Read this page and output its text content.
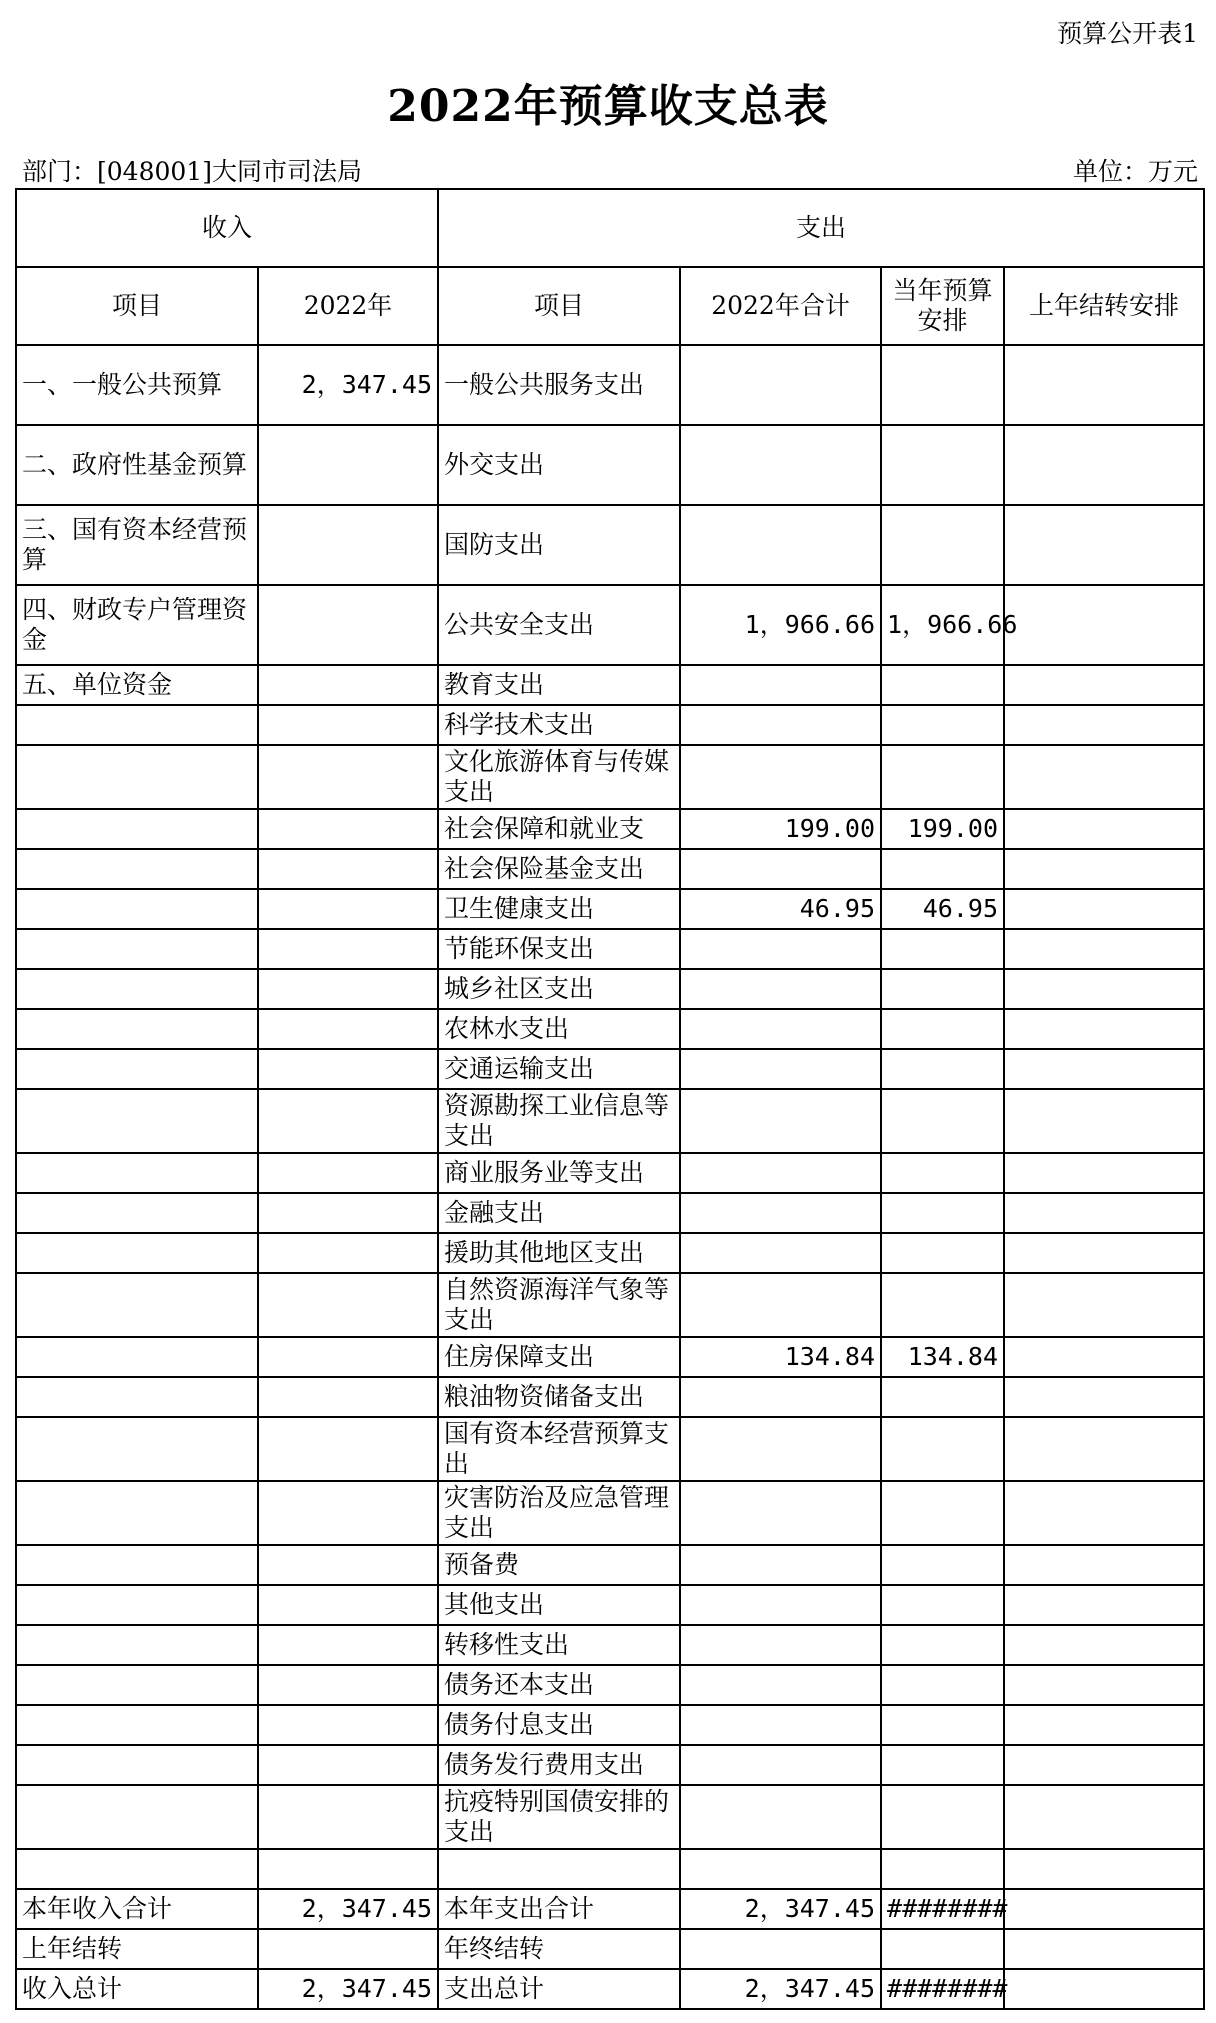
预算公开表1
2022年预算收支总表
部门：[048001]大同市司法局	单位：万元
收入		支出			
项目	2022年	项目	2022年合计	当年预算安排	上年结转安排
一、一般公共预算	2，347.45	一般公共服务支出			
二、政府性基金预算		外交支出			
三、国有资本经营预算		国防支出			
四、财政专户管理资金		公共安全支出	1，966.66	1，966.66	
五、单位资金		教育支出			
		科学技术支出			
		文化旅游体育与传媒支出			
		社会保障和就业支	199.00	199.00	
		社会保险基金支出			
		卫生健康支出	46.95	46.95	
		节能环保支出			
		城乡社区支出			
		农林水支出			
		交通运输支出			
		资源勘探工业信息等支出			
		商业服务业等支出			
		金融支出			
		援助其他地区支出			
		自然资源海洋气象等支出			
		住房保障支出	134.84	134.84	
		粮油物资储备支出			
		国有资本经营预算支出			
		灾害防治及应急管理支出			
		预备费			
		其他支出			
		转移性支出			
		债务还本支出			
		债务付息支出			
		债务发行费用支出			
		抗疫特别国债安排的支出			

本年收入合计	2，347.45	本年支出合计	2，347.45	########	
上年结转		年终结转			
收入总计	2，347.45	支出总计	2，347.45	########	
